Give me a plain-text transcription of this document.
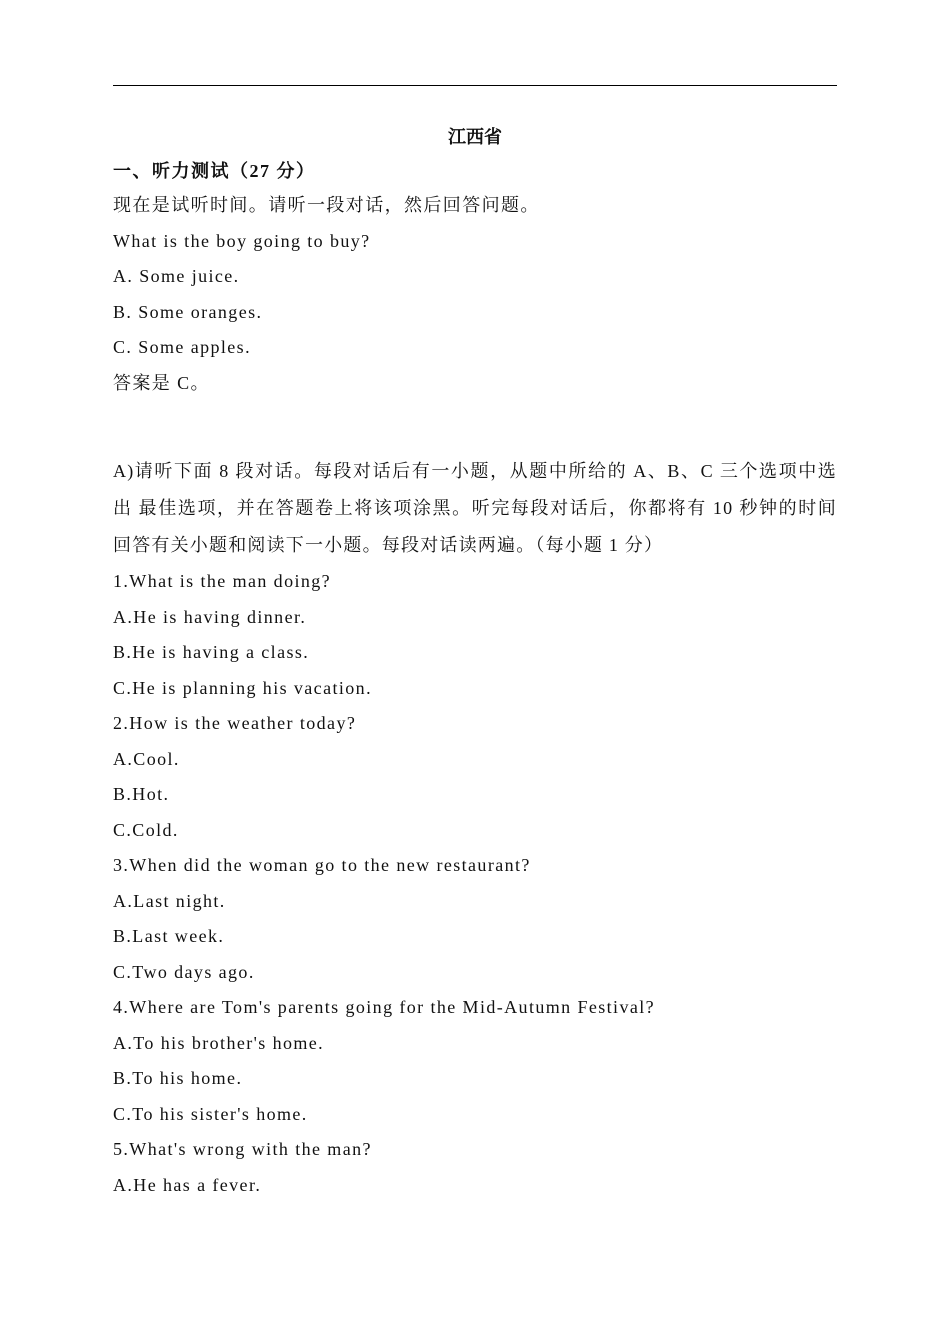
江西省

一、听力测试（27 分）

现在是试听时间。请听一段对话，然后回答问题。

What is the boy going to buy?

A. Some juice.

B. Some oranges.

C. Some apples.

答案是 C。

A)请听下面 8 段对话。每段对话后有一小题，从题中所给的 A、B、C 三个选项中选出 最佳选项，并在答题卷上将该项涂黑。听完每段对话后，你都将有 10 秒钟的时间回答有关小题和阅读下一小题。每段对话读两遍。（每小题 1 分）

1.What is the man doing?

A.He is having dinner.

B.He is having a class.

C.He is planning his vacation.

2.How is the weather today?

A.Cool.

B.Hot.

C.Cold.

3.When did the woman go to the new restaurant?

A.Last night.

B.Last week.

C.Two days ago.

4.Where are Tom's parents going for the Mid-Autumn Festival?

A.To his brother's home.

B.To his home.

C.To his sister's home.

5.What's wrong with the man?

A.He has a fever.
